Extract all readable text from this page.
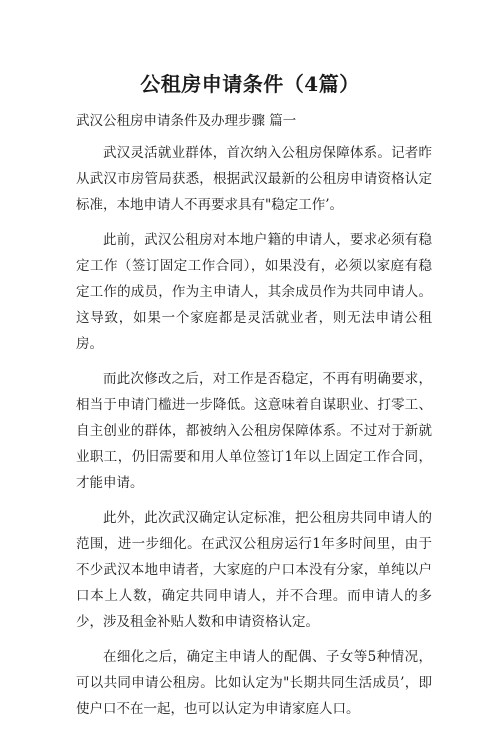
公租房申请条件（4篇）

武汉公租房申请条件及办理步骤 篇一

武汉灵活就业群体，首次纳入公租房保障体系。记者昨从武汉市房管局获悉，根据武汉最新的公租房申请资格认定标准，本地申请人不再要求具有"稳定工作’。

此前，武汉公租房对本地户籍的申请人，要求必须有稳定工作（签订固定工作合同），如果没有，必须以家庭有稳定工作的成员，作为主申请人，其余成员作为共同申请人。这导致，如果一个家庭都是灵活就业者，则无法申请公租房。

而此次修改之后，对工作是否稳定，不再有明确要求，相当于申请门槛进一步降低。这意味着自谋职业、打零工、自主创业的群体，都被纳入公租房保障体系。不过对于新就业职工，仍旧需要和用人单位签订1年以上固定工作合同，才能申请。

此外，此次武汉确定认定标准，把公租房共同申请人的范围，进一步细化。在武汉公租房运行1年多时间里，由于不少武汉本地申请者，大家庭的户口本没有分家，单纯以户口本上人数，确定共同申请人，并不合理。而申请人的多少，涉及租金补贴人数和申请资格认定。

在细化之后，确定主申请人的配偶、子女等5种情况，可以共同申请公租房。比如认定为"长期共同生活成员’，即使户口不在一起，也可以认定为申请家庭人口。
